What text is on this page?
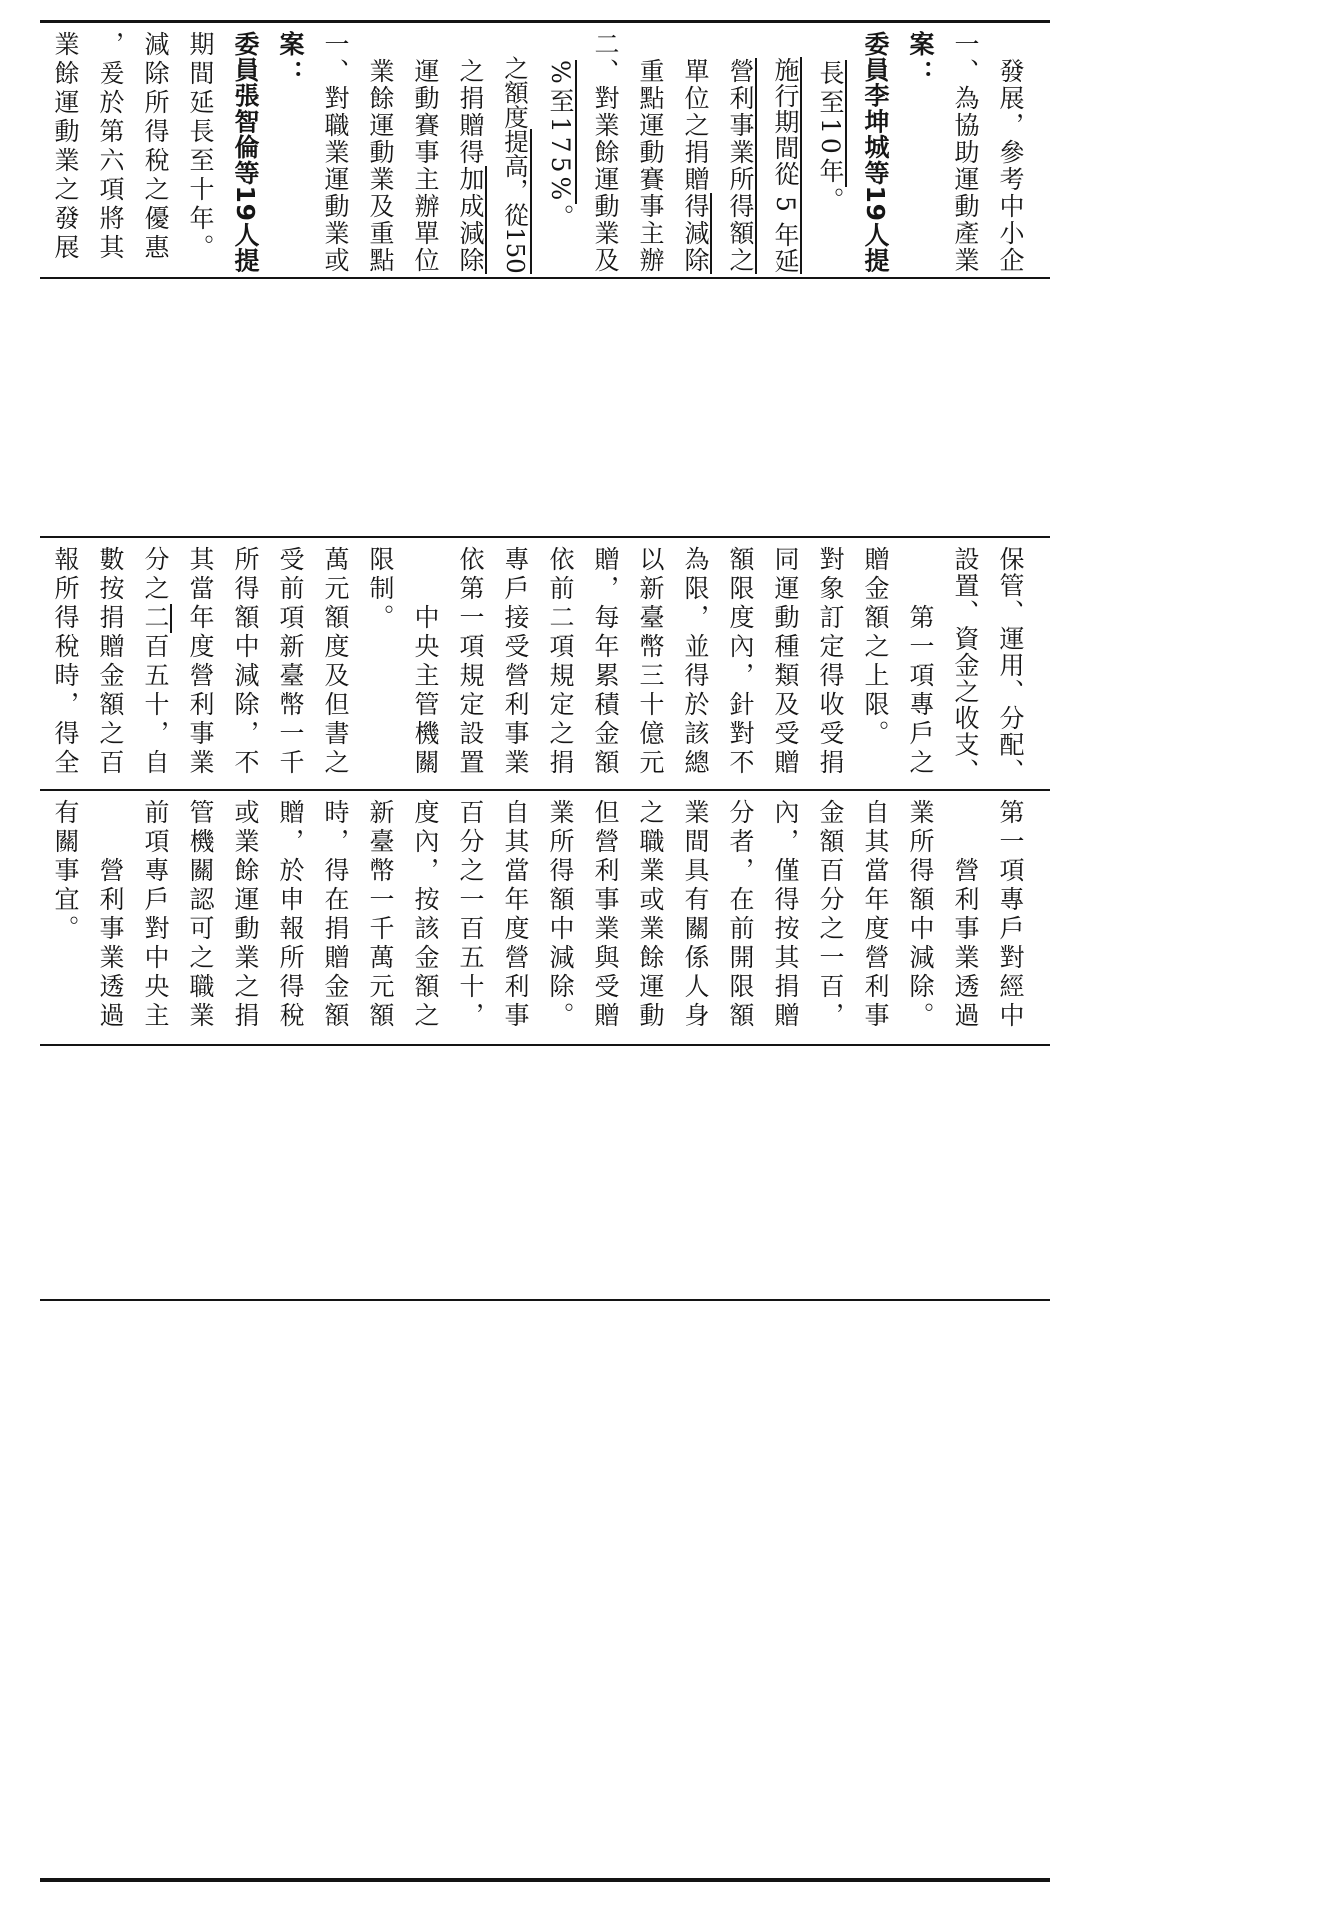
業餘運動業之發展 ，爰於第六項將其 減除所得稅之優惠 期間延長至十年。 委員張智倫等19人提 案： 一、對職業運動業或 　業餘運動業及重點 　運動賽事主辦單位 　之捐贈得加成減除
　之額度提高，從150
　 %至175%。 二、對業餘運動業及 　重點運動賽事主辦 　單位之捐贈得減除
　 營利事業所得額之
　 施行期間從 5 年延
　 長至10年。 委員李坤城等19人提 案： 一、為協助運動產業 　發展，參考中小企
報所得稅時，得全 數按捐贈金額之百 分之二百五十，自 其當年度營利事業 所得額中減除，不 受前項新臺幣一千 萬元額度及但書之 限制。 　　中央主管機關 依第一項規定設置 專戶接受營利事業 依前二項規定之捐 贈，每年累積金額 以新臺幣三十億元 為限，並得於該總 額限度內，針對不 同運動種類及受贈 對象訂定得收受捐 贈金額之上限。 　　第一項專戶之 設置、資金之收支、 保管、運用、分配、
有關事宜。 　　營利事業透過 前項專戶對中央主 管機關認可之職業 或業餘運動業之捐 贈，於申報所得稅 時，得在捐贈金額 新臺幣一千萬元額 度內，按該金額之 百分之一百五十， 自其當年度營利事 業所得額中減除。 但營利事業與受贈 之職業或業餘運動 業間具有關係人身 分者，在前開限額 內，僅得按其捐贈 金額百分之一百， 自其當年度營利事 業所得額中減除。 　　營利事業透過 第一項專戶對經中
